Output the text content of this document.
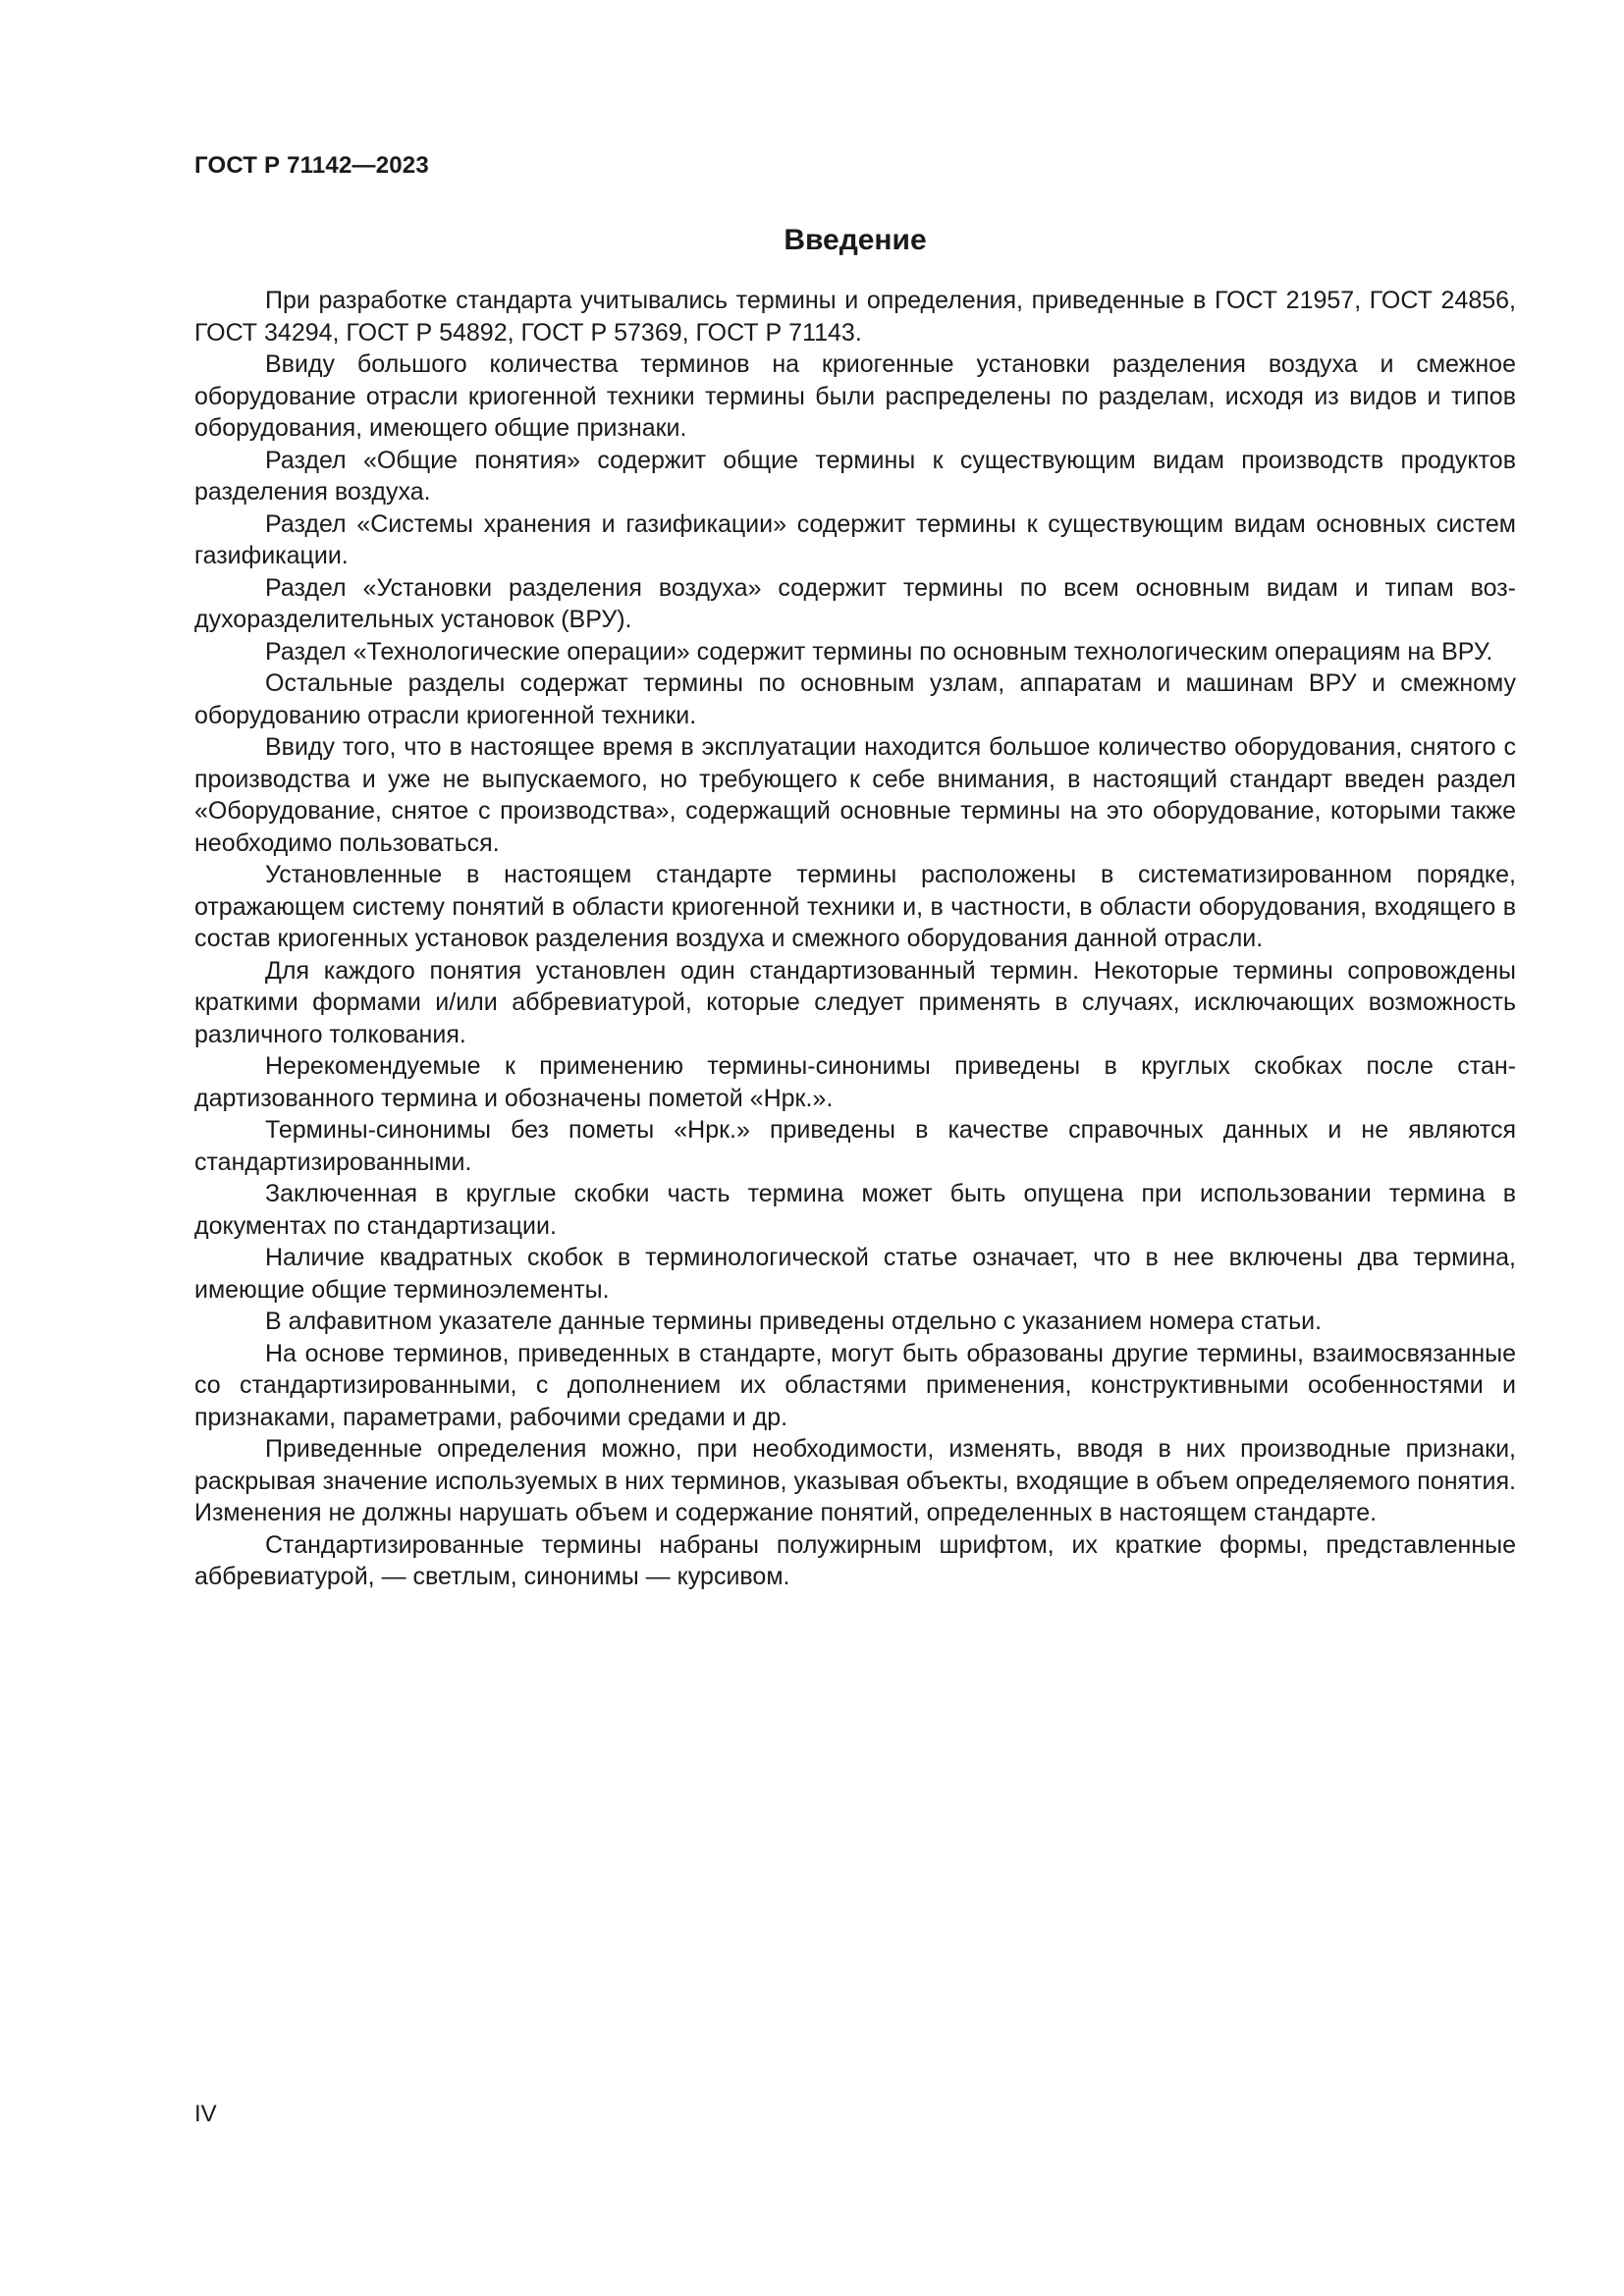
ГОСТ Р 71142—2023
Введение

При разработке стандарта учитывались термины и определения, приведенные в ГОСТ 21957, ГОСТ 24856, ГОСТ 34294, ГОСТ Р 54892, ГОСТ Р 57369, ГОСТ Р 71143.

Ввиду большого количества терминов на криогенные установки разделения воздуха и смежное оборудование отрасли криогенной техники термины были распределены по разделам, исходя из видов и типов оборудования, имеющего общие признаки.

Раздел «Общие понятия» содержит общие термины к существующим видам производств продуктов разделения воздуха.

Раздел «Системы хранения и газификации» содержит термины к существующим видам основных систем газификации.

Раздел «Установки разделения воздуха» содержит термины по всем основным видам и типам воздухоразделительных установок (ВРУ).

Раздел «Технологические операции» содержит термины по основным технологическим операциям на ВРУ.

Остальные разделы содержат термины по основным узлам, аппаратам и машинам ВРУ и смежному оборудованию отрасли криогенной техники.

Ввиду того, что в настоящее время в эксплуатации находится большое количество оборудования, снятого с производства и уже не выпускаемого, но требующего к себе внимания, в настоящий стандарт введен раздел «Оборудование, снятое с производства», содержащий основные термины на это оборудование, которыми также необходимо пользоваться.

Установленные в настоящем стандарте термины расположены в систематизированном порядке, отражающем систему понятий в области криогенной техники и, в частности, в области оборудования, входящего в состав криогенных установок разделения воздуха и смежного оборудования данной отрасли.

Для каждого понятия установлен один стандартизованный термин. Некоторые термины сопровождены краткими формами и/или аббревиатурой, которые следует применять в случаях, исключающих возможность различного толкования.

Нерекомендуемые к применению термины-синонимы приведены в круглых скобках после стандартизованного термина и обозначены пометой «Нрк.».

Термины-синонимы без пометы «Нрк.» приведены в качестве справочных данных и не являются стандартизированными.

Заключенная в круглые скобки часть термина может быть опущена при использовании термина в документах по стандартизации.

Наличие квадратных скобок в терминологической статье означает, что в нее включены два термина, имеющие общие терминоэлементы.

В алфавитном указателе данные термины приведены отдельно с указанием номера статьи.

На основе терминов, приведенных в стандарте, могут быть образованы другие термины, взаимосвязанные со стандартизированными, с дополнением их областями применения, конструктивными особенностями и признаками, параметрами, рабочими средами и др.

Приведенные определения можно, при необходимости, изменять, вводя в них производные признаки, раскрывая значение используемых в них терминов, указывая объекты, входящие в объем определяемого понятия. Изменения не должны нарушать объем и содержание понятий, определенных в настоящем стандарте.

Стандартизированные термины набраны полужирным шрифтом, их краткие формы, представленные аббревиатурой, — светлым, синонимы — курсивом.

IV
